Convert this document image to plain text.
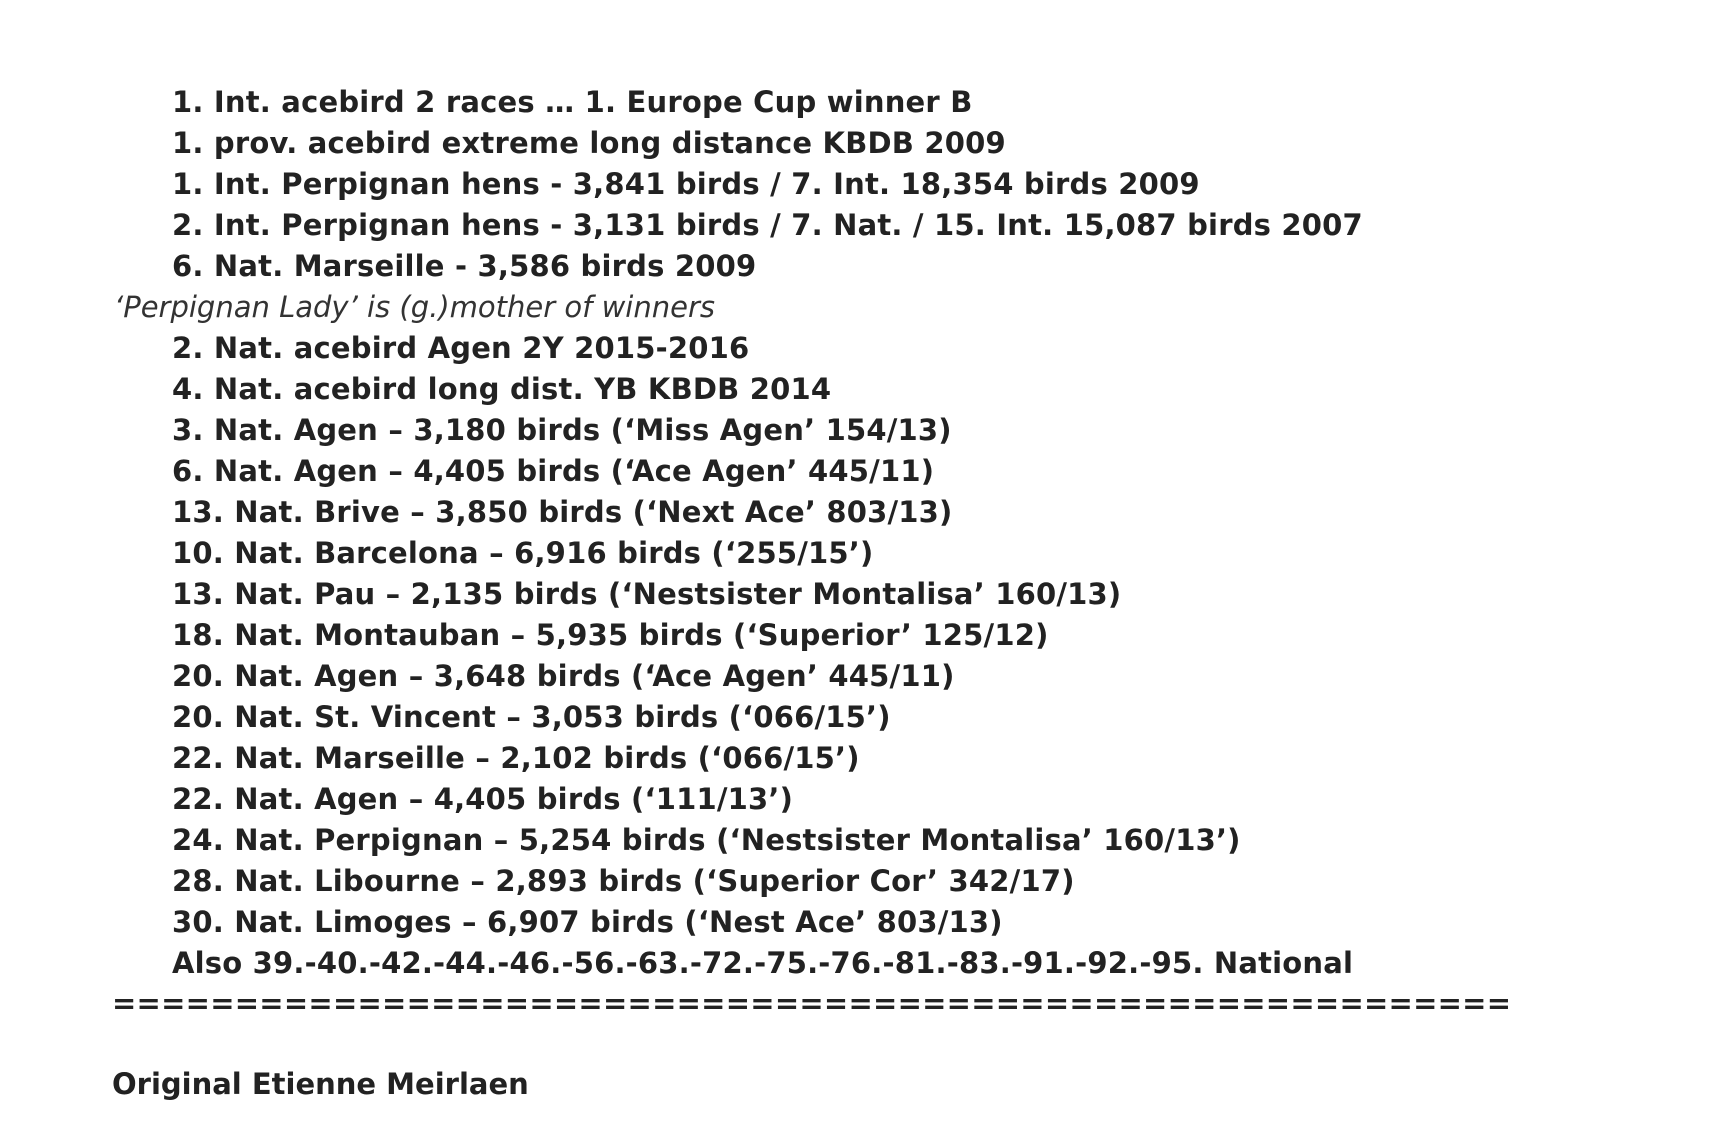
1. Int. acebird 2 races … 1. Europe Cup winner B
1. prov. acebird extreme long distance KBDB 2009
1. Int. Perpignan hens - 3,841 birds / 7. Int. 18,354 birds 2009
2. Int. Perpignan hens - 3,131 birds / 7. Nat. / 15. Int. 15,087 birds 2007
6. Nat. Marseille - 3,586 birds 2009
‘Perpignan Lady’ is (g.)mother of winners
2. Nat. acebird Agen 2Y 2015-2016
4. Nat. acebird long dist. YB KBDB 2014
3. Nat. Agen – 3,180 birds (‘Miss Agen’ 154/13)
6. Nat. Agen – 4,405 birds (‘Ace Agen’ 445/11)
13. Nat. Brive – 3,850 birds (‘Next Ace’ 803/13)
10. Nat. Barcelona – 6,916 birds (‘255/15’)
13. Nat. Pau – 2,135 birds (‘Nestsister Montalisa’ 160/13)
18. Nat. Montauban – 5,935 birds (‘Superior’ 125/12)
20. Nat. Agen – 3,648 birds (‘Ace Agen’ 445/11)
20. Nat. St. Vincent – 3,053 birds (‘066/15’)
22. Nat. Marseille – 2,102 birds (‘066/15’)
22. Nat. Agen – 4,405 birds (‘111/13’)
24. Nat. Perpignan – 5,254 birds (‘Nestsister Montalisa’ 160/13’)
28. Nat. Libourne – 2,893 birds (‘Superior Cor’ 342/17)
30. Nat. Limoges – 6,907 birds (‘Nest Ace’ 803/13)
Also 39.-40.-42.-44.-46.-56.-63.-72.-75.-76.-81.-83.-91.-92.-95. National
=========================================================
Original Etienne Meirlaen
